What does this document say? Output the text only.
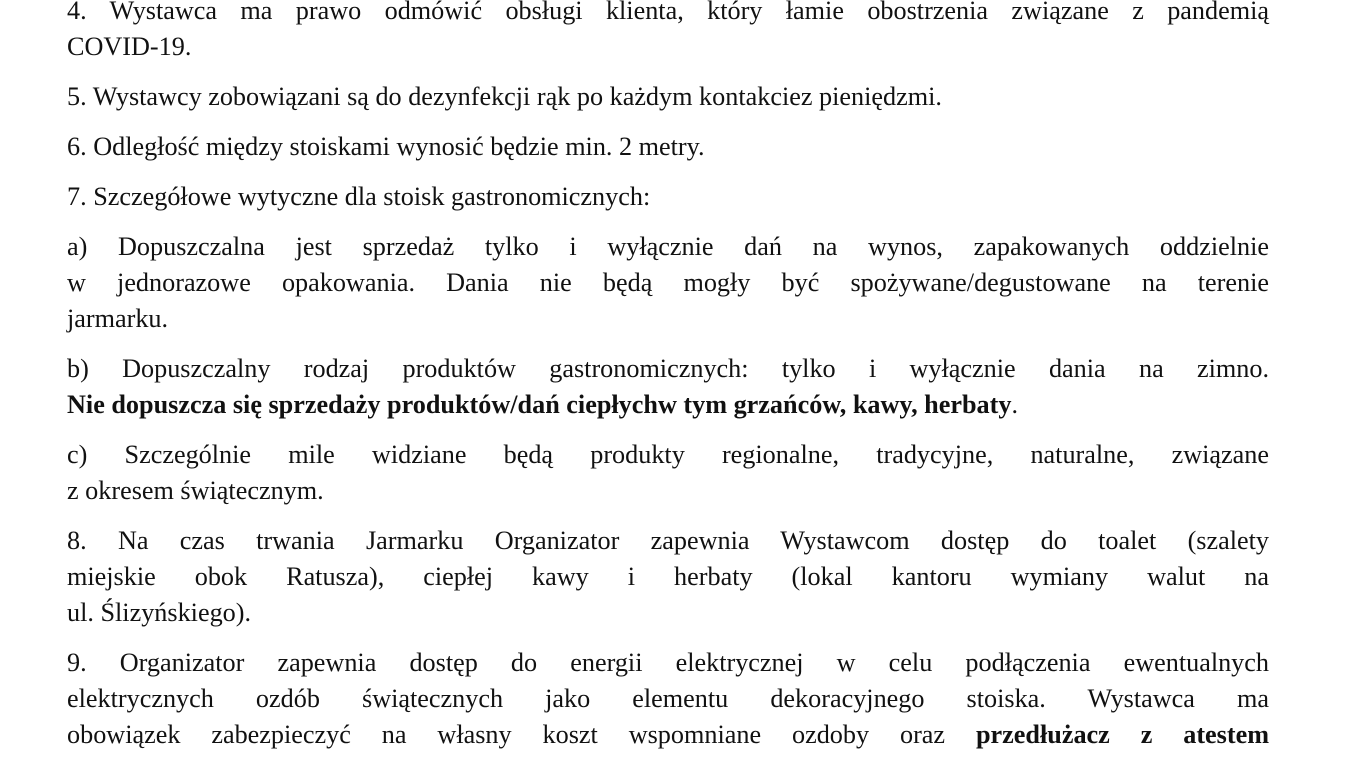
4. Wystawca ma prawo odmówić obsługi klienta, który łamie obostrzenia związane z pandemią
COVID-19.
5. Wystawcy zobowiązani są do dezynfekcji rąk po każdym kontakciez pieniędzmi.
6. Odległość między stoiskami wynosić będzie min. 2 metry.
7. Szczegółowe wytyczne dla stoisk gastronomicznych:
a) Dopuszczalna jest sprzedaż tylko i wyłącznie dań na wynos, zapakowanych oddzielnie
w jednorazowe opakowania. Dania nie będą mogły być spożywane/degustowane na terenie
jarmarku.
b) Dopuszczalny rodzaj produktów gastronomicznych: tylko i wyłącznie dania na zimno.
Nie dopuszcza się sprzedaży produktów/dań ciepłychw tym grzańców, kawy, herbaty.
c) Szczególnie mile widziane będą produkty regionalne, tradycyjne, naturalne, związane
z okresem świątecznym.
8. Na czas trwania Jarmarku Organizator zapewnia Wystawcom dostęp do toalet (szalety
miejskie obok Ratusza), ciepłej kawy i herbaty (lokal kantoru wymiany walut na
ul. Ślizyńskiego).
9. Organizator zapewnia dostęp do energii elektrycznej w celu podłączenia ewentualnych
elektrycznych ozdób świątecznych jako elementu dekoracyjnego stoiska. Wystawca ma
obowiązek zabezpieczyć na własny koszt wspomniane ozdoby oraz przedłużacz z atestem
